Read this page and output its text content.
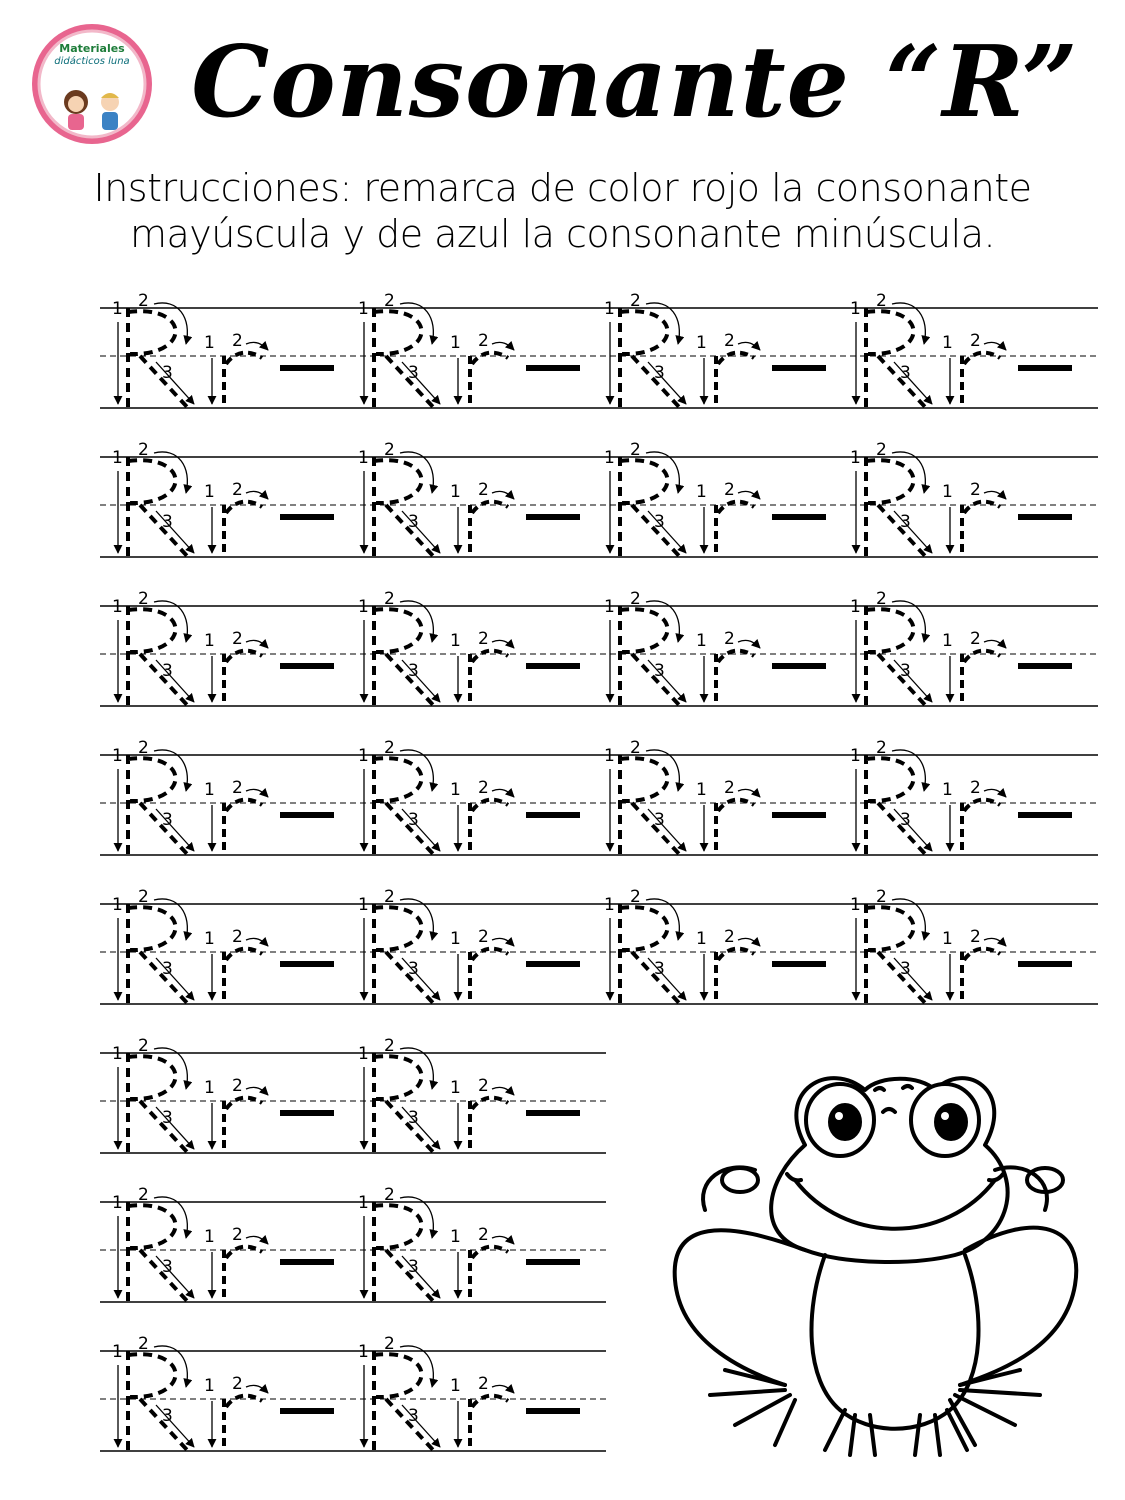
Materiales
didácticos luna Consonante “R”
Instrucciones: remarca de color rojo la consonante
mayúscula y de azul la consonante minúscula.
1 2
3
1 2
1 2
3
1 2
1 2
3
1 2
1 2
3
1 2
1 2
3
1 2
1 2
3
1 2
1 2
3
1 2
1 2
3
1 2
1 2
3
1 2
1 2
3
1 2
1 2
3
1 2
1 2
3
1 2
1 2
3
1 2
1 2
3
1 2
1 2
3
1 2
1 2
3
1 2
1 2
3
1 2
1 2
3
1 2
1 2
3
1 2
1 2
3
1 2
1 2
3
1 2
1 2
3
1 2
1 2
3
1 2
1 2
3
1 2
1 2
3
1 2
1 2
3
1 2
